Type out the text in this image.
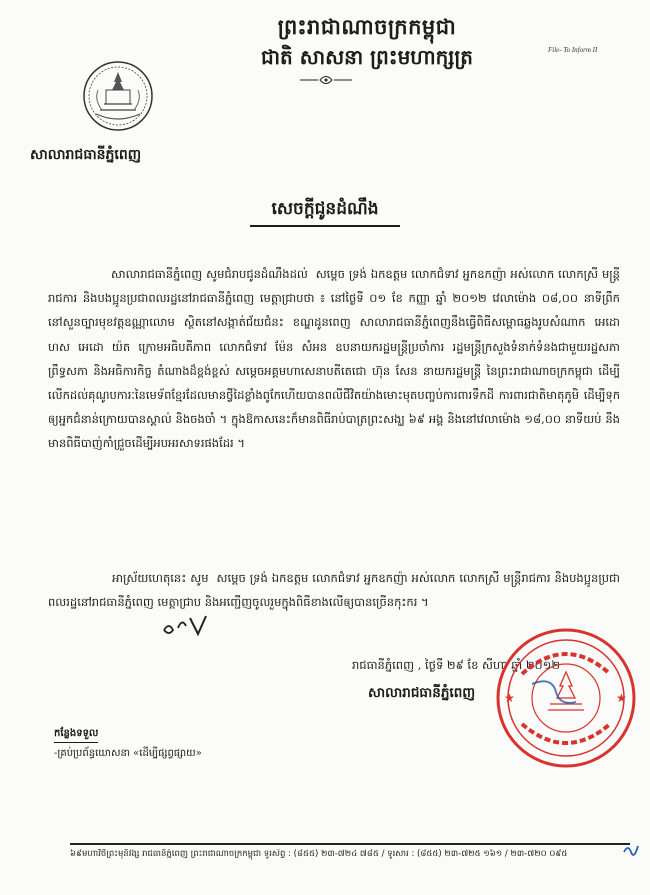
ព្រះរាជាណាចក្រកម្ពុជា
ជាតិ សាសនា ព្រះមហាក្សត្រ	File- To Inform II
សាលារាជធានីភ្នំពេញ
សេចក្តីជូនដំណឹង
សាលារាជធានីភ្នំពេញ សូមជំរាបជូនដំណឹងដល់  សម្តេច ទ្រង់ ឯកឧត្តម លោកជំទាវ អ្នកឧកញ៉ា អស់លោក លោកស្រី មន្ត្រីរាជការ និងបងប្អូនប្រជាពលរដ្ឋនៅរាជធានីភ្នំពេញ មេត្តាជ្រាបថា ៖ នៅថ្ងៃទី ០១ ខែ កញ្ញា ឆ្នាំ ២០១២ វេលាម៉ោង ០៨,០០ នាទីព្រឹក នៅសួនច្បារមុខវត្តឧណ្ណាលោម ស្ថិតនៅសង្កាត់ជ័យជំនះ ខណ្ឌដូនពេញ សាលារាជធានីភ្នំពេញនឹងធ្វើពិធីសម្ពោធឆ្លងរូបសំណាក អេដោ ហស អេដោ យ៉ត ក្រោមអធិបតីភាព លោកជំទាវ ម៉ែន សំអន ឧបនាយករដ្ឋមន្ត្រីប្រចាំការ រដ្ឋមន្ត្រីក្រសួងទំនាក់ទំនងជាមួយរដ្ឋសភា ព្រឹទ្ធសភា និងអធិការកិច្ច តំណាងដ៏ខ្ពង់ខ្ពស់ សម្តេចអគ្គមហាសេនាបតីតេជោ ហ៊ុន សែន នាយករដ្ឋមន្ត្រី នៃព្រះរាជាណាចក្រកម្ពុជា ដើម្បីលើកដល់គុណូបការៈនៃមេទ័ពខ្មែរដែលមានថ្វីដៃខ្លាំងពូកែហើយបានពលីជីវិតយ៉ាងមោះមុតបញ្ចប់ការពារទឹកដី ការពារជាតិមាតុភូមិ ដើម្បីទុកឲ្យអ្នកជំនាន់ក្រោយបានស្គាល់ និងចងចាំ ។ ក្នុងឱកាសនេះក៏មានពិធីរាប់បាត្រព្រះសង្ឃ ៦៩ អង្គ និងនៅវេលាម៉ោង ១៨,០០ នាទីយប់ នឹងមានពិធីបាញ់កាំជ្រួចដើម្បីអបអរសាទរផងដែរ ។
អាស្រ័យហេតុនេះ សូម  សម្តេច ទ្រង់ ឯកឧត្តម លោកជំទាវ អ្នកឧកញ៉ា អស់លោក លោកស្រី មន្ត្រីរាជការ និងបងប្អូនប្រជាពលរដ្ឋនៅរាជធានីភ្នំពេញ មេត្តាជ្រាប និងអញ្ជើញចូលរួមក្នុងពិធីខាងលើឲ្យបានច្រើនកុះករ ។
រាជធានីភ្នំពេញ , ថ្ងៃទី ២៩ ខែ សីហា ឆ្នាំ ២០១២
សាលារាជធានីភ្នំពេញ ★	★
កន្លែងទទួល
-គ្រប់ប្រព័ន្ធឃោសនា «ដើម្បីផ្សព្វផ្សាយ»
៦៩មហាវិថីព្រះមុនីវង្ស រាជធានីភ្នំពេញ ព្រះរាជាណាចក្រកម្ពុជា ទូរស័ព្ទ : (៨៥៥) ២៣-៧២៤ ៧៨៥ / ទូរសារ : (៨៥៥) ២៣-៧២៥ ១៦១ / ២៣-៧២០ ០៩៥
